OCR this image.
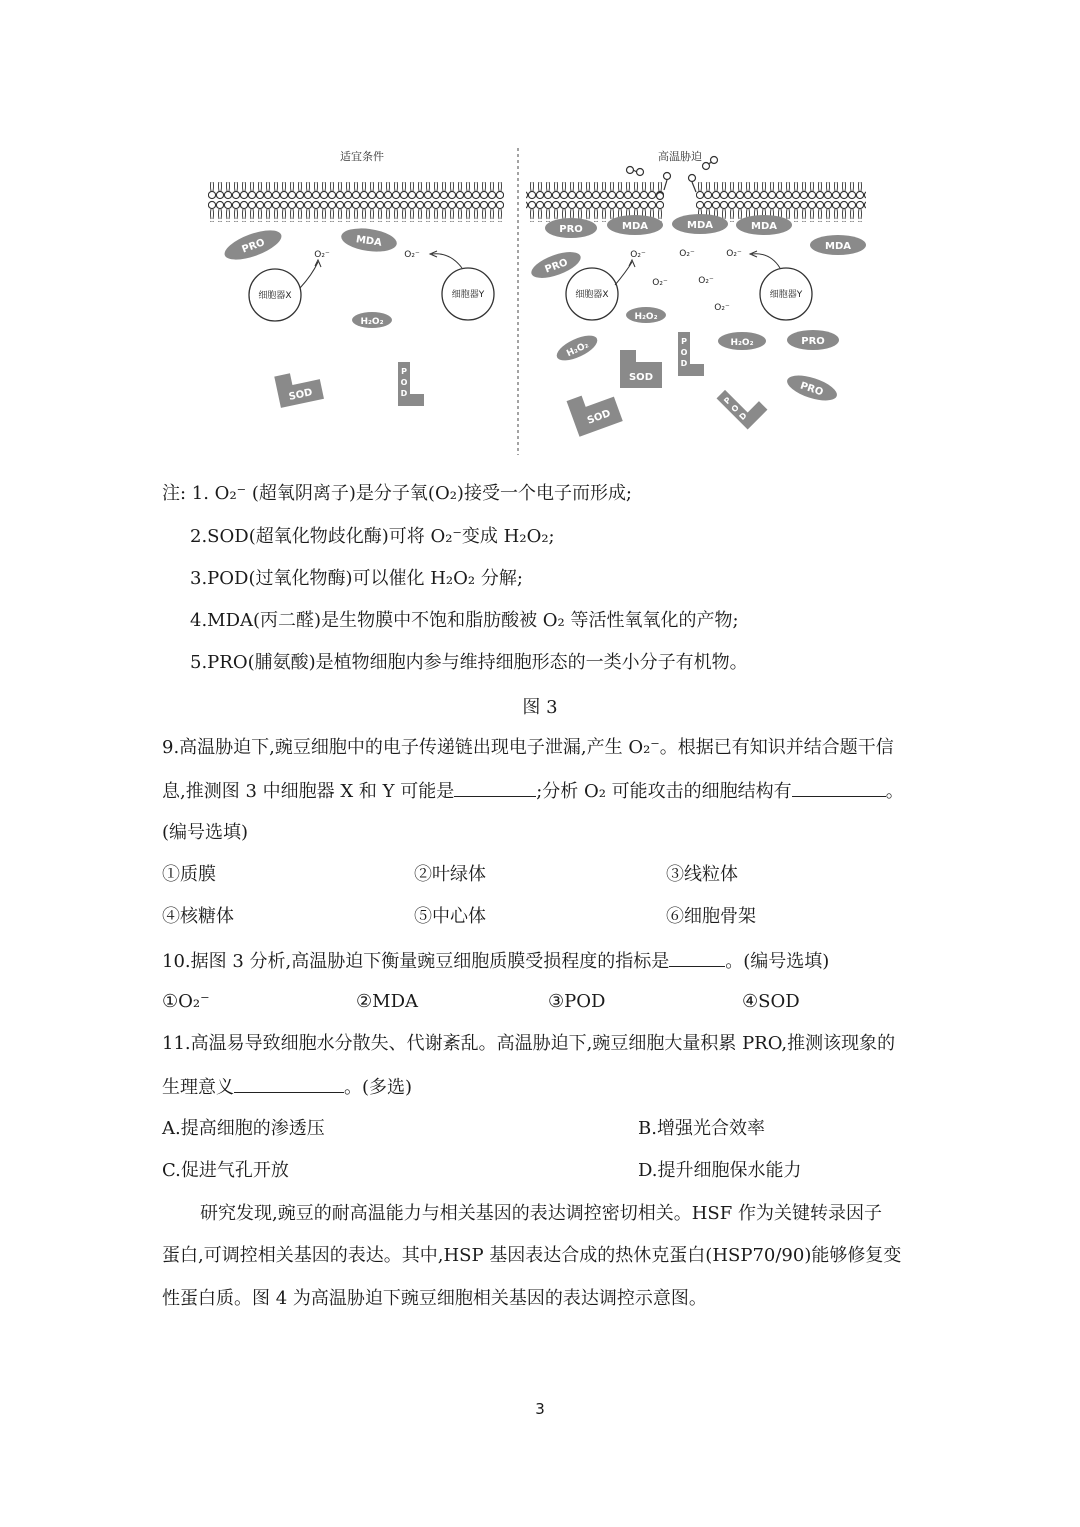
适宜条件	高温胁迫
PRO	MDA
O₂⁻	O₂⁻
细胞器X	细胞器Y
H₂O₂
SOD
P
O
D
PRO	MDA	MDA	MDA
MDA
PRO
O₂⁻	O₂⁻	O₂⁻
O₂⁻	O₂⁻
O₂⁻
细胞器X	细胞器Y
H₂O₂
H₂O₂	H₂O₂	PRO
PRO
SOD
SOD
P
O
D
P
O
D
注: 1. O₂⁻ (超氧阴离子)是分子氧(O₂)接受一个电子而形成;
2.SOD(超氧化物歧化酶)可将 O₂⁻变成 H₂O₂;
3.POD(过氧化物酶)可以催化 H₂O₂ 分解;
4.MDA(丙二醛)是生物膜中不饱和脂肪酸被 O₂ 等活性氧氧化的产物;
5.PRO(脯氨酸)是植物细胞内参与维持细胞形态的一类小分子有机物。
图 3
9.高温胁迫下,豌豆细胞中的电子传递链出现电子泄漏,产生 O₂⁻。根据已有知识并结合题干信
息,推测图 3 中细胞器 X 和 Y 可能是	;分析 O₂ 可能攻击的细胞结构有	。
(编号选填)
①质膜	②叶绿体	③线粒体
④核糖体	⑤中心体	⑥细胞骨架
10.据图 3 分析,高温胁迫下衡量豌豆细胞质膜受损程度的指标是	。(编号选填)
①O₂⁻	②MDA	③POD	④SOD
11.高温易导致细胞水分散失、代谢紊乱。高温胁迫下,豌豆细胞大量积累 PRO,推测该现象的
生理意义	。(多选)
A.提高细胞的渗透压	B.增强光合效率
C.促进气孔开放	D.提升细胞保水能力
研究发现,豌豆的耐高温能力与相关基因的表达调控密切相关。HSF 作为关键转录因子
蛋白,可调控相关基因的表达。其中,HSP 基因表达合成的热休克蛋白(HSP70/90)能够修复变
性蛋白质。图 4 为高温胁迫下豌豆细胞相关基因的表达调控示意图。
3
